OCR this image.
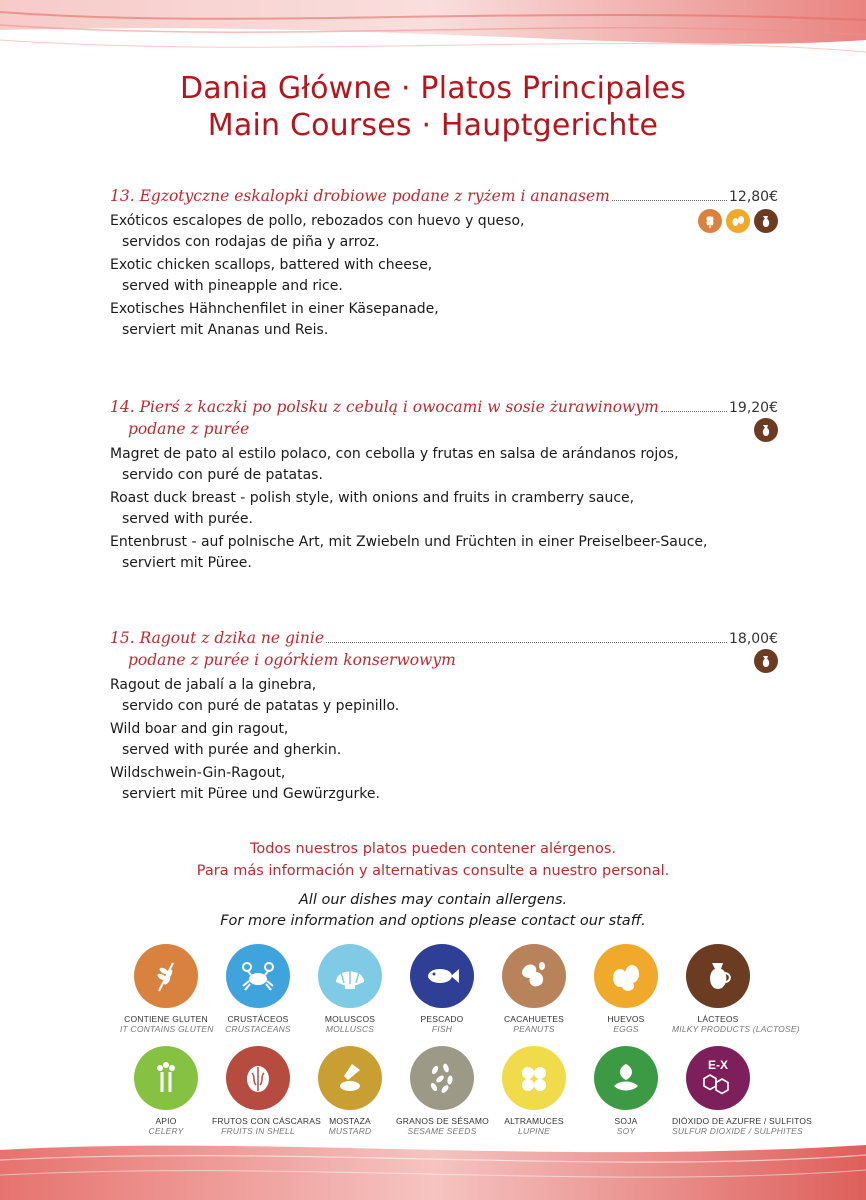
Dania Główne · Platos Principales
Main Courses · Hauptgerichte
13. Egzotyczne eskalopki drobiowe podane z ryżem i ananasem	12,80€

Exóticos escalopes de pollo, rebozados con huevo y queso,

servidos con rodajas de piña y arroz.

Exotic chicken scallops, battered with cheese,

served with pineapple and rice.

Exotisches Hähnchenfilet in einer Käsepanade,

serviert mit Ananas und Reis.

14. Pierś z kaczki po polsku z cebulą i owocami w sosie żurawinowym	19,20€
podane z purée

Magret de pato al estilo polaco, con cebolla y frutas en salsa de arándanos rojos,

servido con puré de patatas.

Roast duck breast - polish style, with onions and fruits in cramberry sauce,

served with purée.

Entenbrust - auf polnische Art, mit Zwiebeln und Früchten in einer Preiselbeer-Sauce,

serviert mit Püree.

15. Ragout z dzika ne ginie	18,00€
podane z purée i ogórkiem konserwowym

Ragout de jabalí a la ginebra,

servido con puré de patatas y pepinillo.

Wild boar and gin ragout,

served with purée and gherkin.

Wildschwein-Gin-Ragout,

serviert mit Püree und Gewürzgurke.

Todos nuestros platos pueden contener alérgenos.
Para más información y alternativas consulte a nuestro personal.
All our dishes may contain allergens.
For more information and options please contact our staff.
CONTIENE GLUTEN
IT CONTAINS GLUTEN
CRUSTÁCEOS
CRUSTACEANS
MOLUSCOS
MOLLUSCS
PESCADO
FISH
CACAHUETES
PEANUTS
HUEVOS
EGGS
LÁCTEOS
MILKY PRODUCTS (LACTOSE)
APIO
CELERY
FRUTOS CON CÁSCARAS
FRUITS IN SHELL
MOSTAZA
MUSTARD
GRANOS DE SÉSAMO
SESAME SEEDS
ALTRAMUCES
LUPINE
SOJA
SOY
E-X
DIÓXIDO DE AZUFRE / SULFITOS
SULFUR DIOXIDE / SULPHITES
